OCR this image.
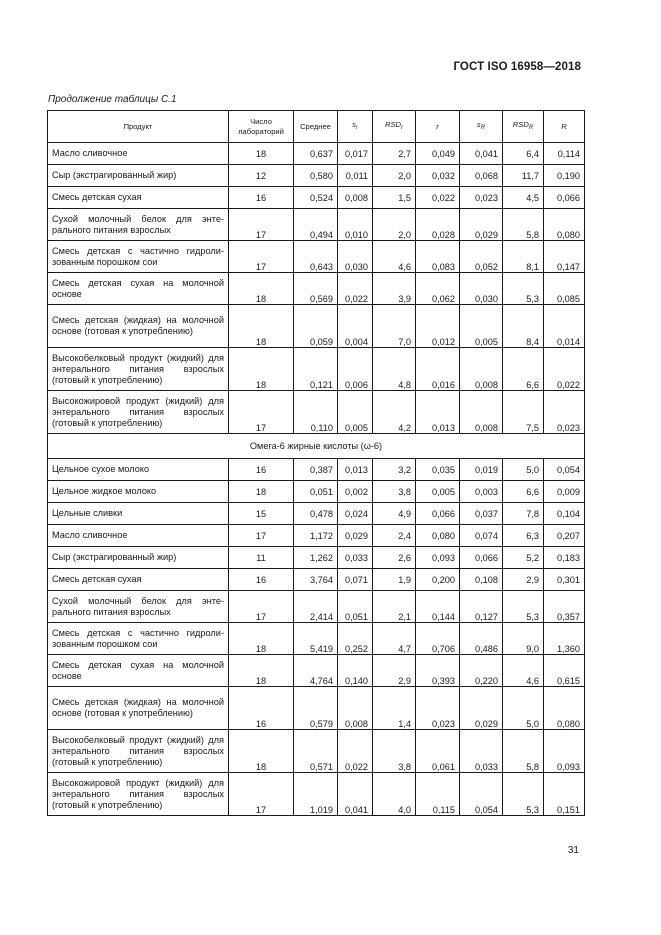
ГОСТ ISO 16958—2018
Продолжение таблицы С.1
Продукт	Число лабораторий	Среднее	$s_r$	$RSD_r$	r	$s_R$	$RSD_R$	R
Масло сливочное	18	0,637	0,017	2,7	0,049	0,041	6,4	0,114
Сыр (экстрагированный жир)	12	0,580	0,011	2,0	0,032	0,068	11,7	0,190
Смесь детская сухая	16	0,524	0,008	1,5	0,022	0,023	4,5	0,066
Сухой молочный белок для энтерального питания взрослых	17	0,494	0,010	2,0	0,028	0,029	5,8	0,080
Смесь детская с частично гидролизованным порошком сои	17	0,643	0,030	4,6	0,083	0,052	8,1	0,147
Смесь детская сухая на молочной основе	18	0,569	0,022	3,9	0,062	0,030	5,3	0,085
Смесь детская (жидкая) на молочной основе (готовая к употреблению)	18	0,059	0,004	7,0	0,012	0,005	8,4	0,014
Высокобелковый продукт (жидкий) для энтерального питания взрослых (готовый к употреблению)	18	0,121	0,006	4,8	0,016	0,008	6,6	0,022
Высокожировой продукт (жидкий) для энтерального питания взрослых (готовый к употреблению)	17	0,110	0,005	4,2	0,013	0,008	7,5	0,023
Омега-6 жирные кислоты (ω-6)								
Цельное сухое молоко	16	0,387	0,013	3,2	0,035	0,019	5,0	0,054
Цельное жидкое молоко	18	0,051	0,002	3,8	0,005	0,003	6,6	0,009
Цельные сливки	15	0,478	0,024	4,9	0,066	0,037	7,8	0,104
Масло сливочное	17	1,172	0,029	2,4	0,080	0,074	6,3	0,207
Сыр (экстрагированный жир)	11	1,262	0,033	2,6	0,093	0,066	5,2	0,183
Смесь детская сухая	16	3,764	0,071	1,9	0,200	0,108	2,9	0,301
Сухой молочный белок для энтерального питания взрослых	17	2,414	0,051	2,1	0,144	0,127	5,3	0,357
Смесь детская с частично гидролизованным порошком сои	18	5,419	0,252	4,7	0,706	0,486	9,0	1,360
Смесь детская сухая на молочной основе	18	4,764	0,140	2,9	0,393	0,220	4,6	0,615
Смесь детская (жидкая) на молочной основе (готовая к употреблению)	16	0,579	0,008	1,4	0,023	0,029	5,0	0,080
Высокобелковый продукт (жидкий) для энтерального питания взрослых (готовый к употреблению)	18	0,571	0,022	3,8	0,061	0,033	5,8	0,093
Высокожировой продукт (жидкий) для энтерального питания взрослых (готовый к употреблению)	17	1,019	0,041	4,0	0,115	0,054	5,3	0,151
31
